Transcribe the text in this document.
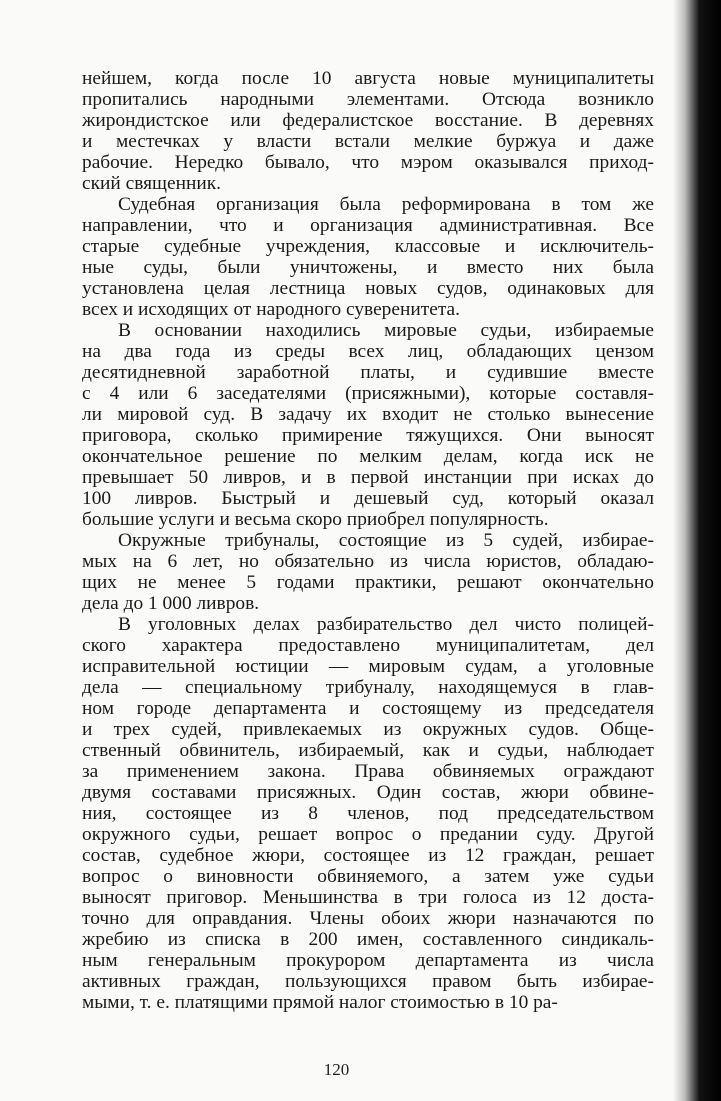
нейшем, когда после 10 августа новые муниципалитеты
пропитались народными элементами. Отсюда возникло
жирондистское или федералистское восстание. В деревнях
и местечках у власти встали мелкие буржуа и даже
рабочие. Нередко бывало, что мэром оказывался приход-
ский священник.
Судебная организация была реформирована в том же
направлении, что и организация административная. Все
старые судебные учреждения, классовые и исключитель-
ные суды, были уничтожены, и вместо них была
установлена целая лестница новых судов, одинаковых для
всех и исходящих от народного суверенитета.
В основании находились мировые судьи, избираемые
на два года из среды всех лиц, обладающих цензом
десятидневной заработной платы, и судившие вместе
с 4 или 6 заседателями (присяжными), которые составля-
ли мировой суд. В задачу их входит не столько вынесение
приговора, сколько примирение тяжущихся. Они выносят
окончательное решение по мелким делам, когда иск не
превышает 50 ливров, и в первой инстанции при исках до
100 ливров. Быстрый и дешевый суд, который оказал
большие услуги и весьма скоро приобрел популярность.
Окружные трибуналы, состоящие из 5 судей, избирае-
мых на 6 лет, но обязательно из числа юристов, обладаю-
щих не менее 5 годами практики, решают окончательно
дела до 1 000 ливров.
В уголовных делах разбирательство дел чисто полицей-
ского характера предоставлено муниципалитетам, дел
исправительной юстиции — мировым судам, а уголовные
дела — специальному трибуналу, находящемуся в глав-
ном городе департамента и состоящему из председателя
и трех судей, привлекаемых из окружных судов. Обще-
ственный обвинитель, избираемый, как и судьи, наблюдает
за применением закона. Права обвиняемых ограждают
двумя составами присяжных. Один состав, жюри обвине-
ния, состоящее из 8 членов, под председательством
окружного судьи, решает вопрос о предании суду. Другой
состав, судебное жюри, состоящее из 12 граждан, решает
вопрос о виновности обвиняемого, а затем уже судьи
выносят приговор. Меньшинства в три голоса из 12 доста-
точно для оправдания. Члены обоих жюри назначаются по
жребию из списка в 200 имен, составленного синдикаль-
ным генеральным прокурором департамента из числа
активных граждан, пользующихся правом быть избирае-
мыми, т. е. платящими прямой налог стоимостью в 10 ра-
120
